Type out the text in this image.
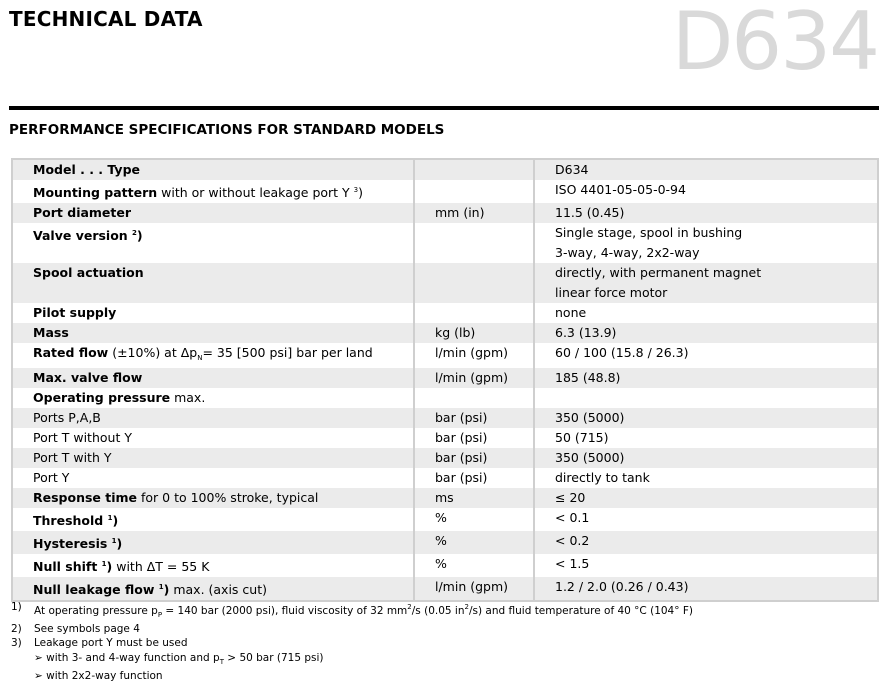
TECHNICAL DATA	D634
PERFORMANCE SPECIFICATIONS FOR STANDARD MODELS
Model . . . Type		D634

Mounting pattern with or without leakage port Y $^3$)		ISO 4401-05-05-0-94

Port diameter	mm (in)	11.5 (0.45)

Valve version $^2$)		Single stage, spool in bushing
3-way, 4-way, 2x2-way

Spool actuation		directly, with permanent magnet
linear force motor

Pilot supply		none

Mass	kg (lb)	6.3 (13.9)

Rated flow (±10%) at $\Delta p_N= 35$ [500 psi] bar per land	l/min (gpm)	60 / 100 (15.8 / 26.3)

Max. valve flow	l/min (gpm)	185 (48.8)

Operating pressure max.		

Ports P,A,B	bar (psi)	350 (5000)

Port T without Y	bar (psi)	50 (715)

Port T with Y	bar (psi)	350 (5000)

Port Y	bar (psi)	directly to tank

Response time for 0 to 100% stroke, typical	ms	≤ 20

Threshold $^1$)	%	< 0.1

Hysteresis $^1$)	%	< 0.2

Null shift $^1$) with ΔT = 55 K	%	< 1.5

Null leakage flow $^1$) max. (axis cut)	l/min (gpm)	1.2 / 2.0 (0.26 / 0.43)
1)	At operating pressure $p_P = 140$ bar (2000 psi), fluid viscosity of 32 $mm^2/s$ (0.05 $in^2/s$) and fluid temperature of 40 °C (104° F)
2)	See symbols page 4
3)	Leakage port Y must be used
➢ with 3- and 4-way function and $p_T > 50$ bar (715 psi)
➢ with 2x2-way function
